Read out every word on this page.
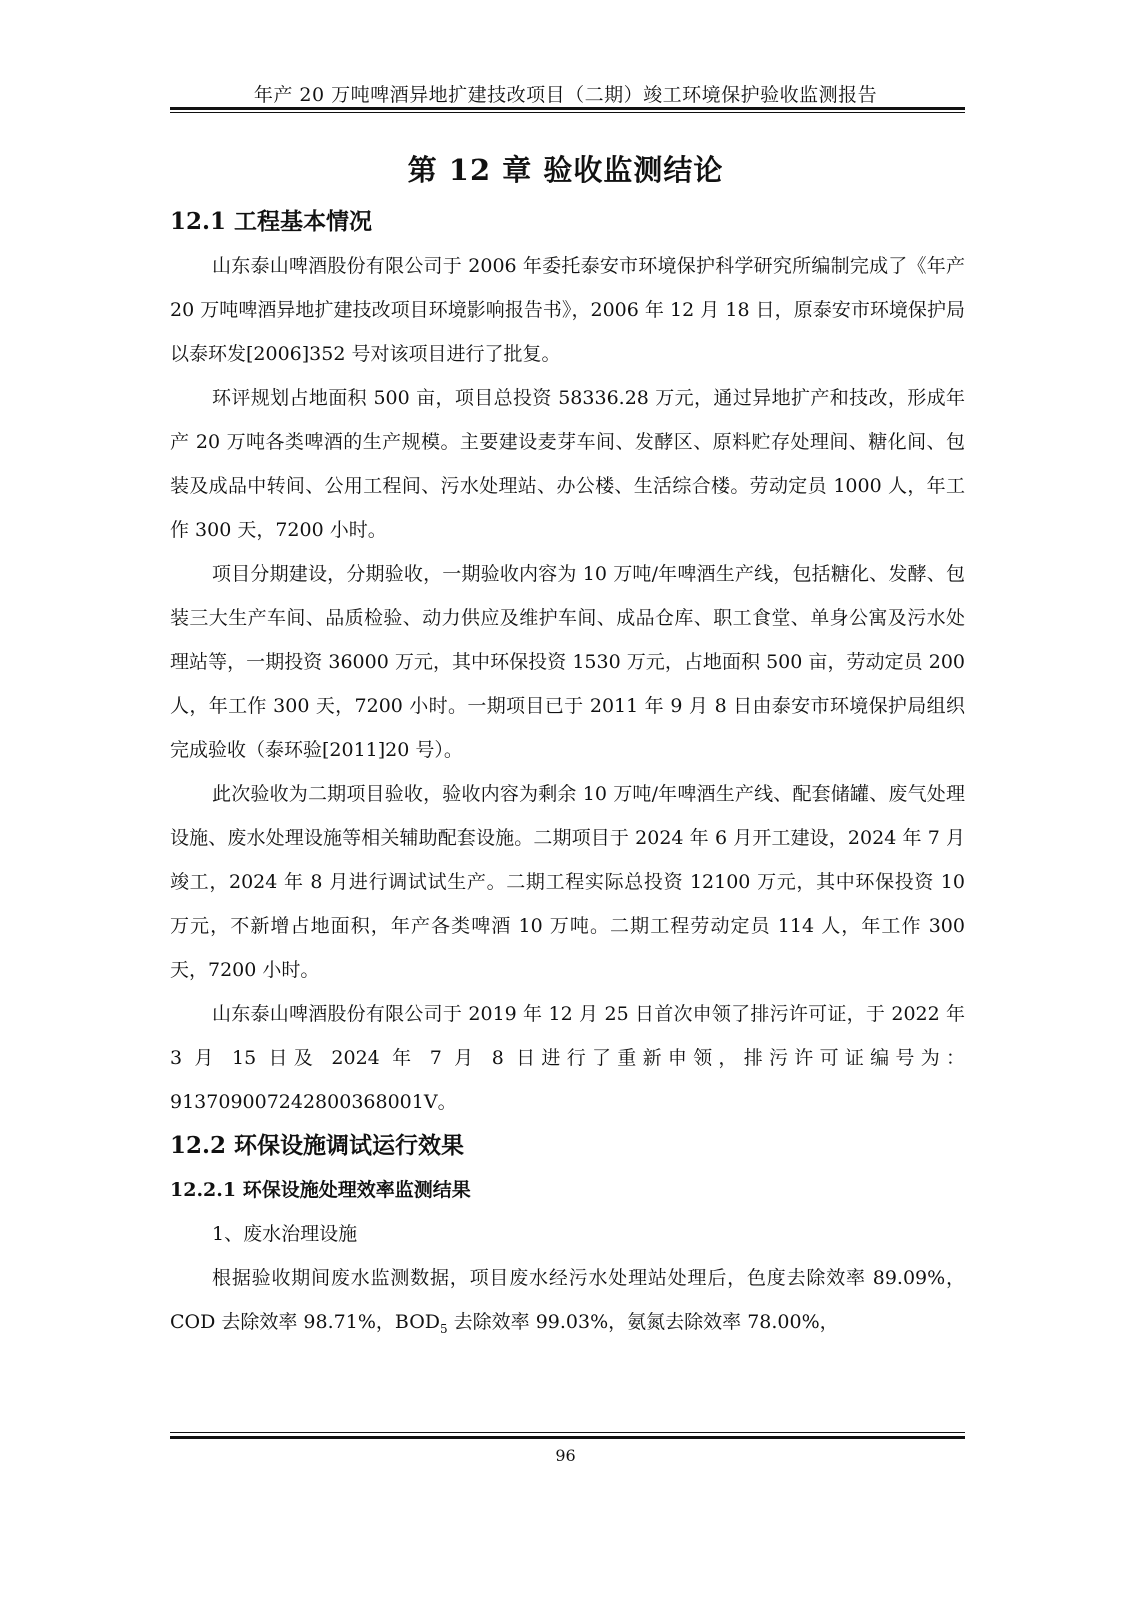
年产 20 万吨啤酒异地扩建技改项目（二期）竣工环境保护验收监测报告
第 12 章 验收监测结论
12.1 工程基本情况

山东泰山啤酒股份有限公司于 2006 年委托泰安市环境保护科学研究所编制完成了《年产 20 万吨啤酒异地扩建技改项目环境影响报告书》，2006 年 12 月 18 日，原泰安市环境保护局以泰环发[2006]352 号对该项目进行了批复。

环评规划占地面积 500 亩，项目总投资 58336.28 万元，通过异地扩产和技改，形成年产 20 万吨各类啤酒的生产规模。主要建设麦芽车间、发酵区、原料贮存处理间、糖化间、包装及成品中转间、公用工程间、污水处理站、办公楼、生活综合楼。劳动定员 1000 人，年工作 300 天，7200 小时。

项目分期建设，分期验收，一期验收内容为 10 万吨/年啤酒生产线，包括糖化、发酵、包装三大生产车间、品质检验、动力供应及维护车间、成品仓库、职工食堂、单身公寓及污水处理站等，一期投资 36000 万元，其中环保投资 1530 万元，占地面积 500 亩，劳动定员 200 人，年工作 300 天，7200 小时。一期项目已于 2011 年 9 月 8 日由泰安市环境保护局组织完成验收（泰环验[2011]20 号）。

此次验收为二期项目验收，验收内容为剩余 10 万吨/年啤酒生产线、配套储罐、废气处理设施、废水处理设施等相关辅助配套设施。二期项目于 2024 年 6 月开工建设，2024 年 7 月竣工，2024 年 8 月进行调试试生产。二期工程实际总投资 12100 万元，其中环保投资 10 万元，不新增占地面积，年产各类啤酒 10 万吨。二期工程劳动定员 114 人，年工作 300 天，7200 小时。

山东泰山啤酒股份有限公司于 2019 年 12 月 25 日首次申领了排污许可证，于 2022 年 3 月 15 日及 2024 年 7 月 8 日进行了重新申领，排污许可证编号为：91370900724280036800​1V。

12.2 环保设施调试运行效果
12.2.1 环保设施处理效率监测结果

1、废水治理设施

根据验收期间废水监测数据，项目废水经污水处理站处理后，色度去除效率 89.09%，COD 去除效率 98.71%，$BOD_5$ 去除效率 99.03%，氨氮去除效率 78.00%，

96
